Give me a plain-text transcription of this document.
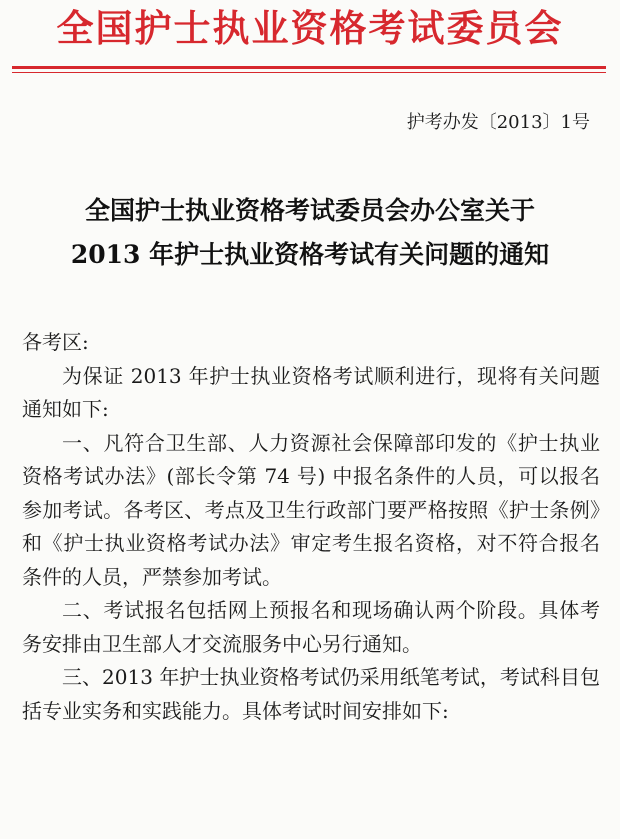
全国护士执业资格考试委员会
护考办发〔2013〕1号
全国护士执业资格考试委员会办公室关于
2013 年护士执业资格考试有关问题的通知

各考区:

为保证 2013 年护士执业资格考试顺利进行，现将有关问题通知如下:

一、凡符合卫生部、人力资源社会保障部印发的《护士执业资格考试办法》(部长令第 74 号) 中报名条件的人员，可以报名参加考试。各考区、考点及卫生行政部门要严格按照《护士条例》和《护士执业资格考试办法》审定考生报名资格，对不符合报名条件的人员，严禁参加考试。

二、考试报名包括网上预报名和现场确认两个阶段。具体考务安排由卫生部人才交流服务中心另行通知。

三、2013 年护士执业资格考试仍采用纸笔考试，考试科目包括专业实务和实践能力。具体考试时间安排如下:
